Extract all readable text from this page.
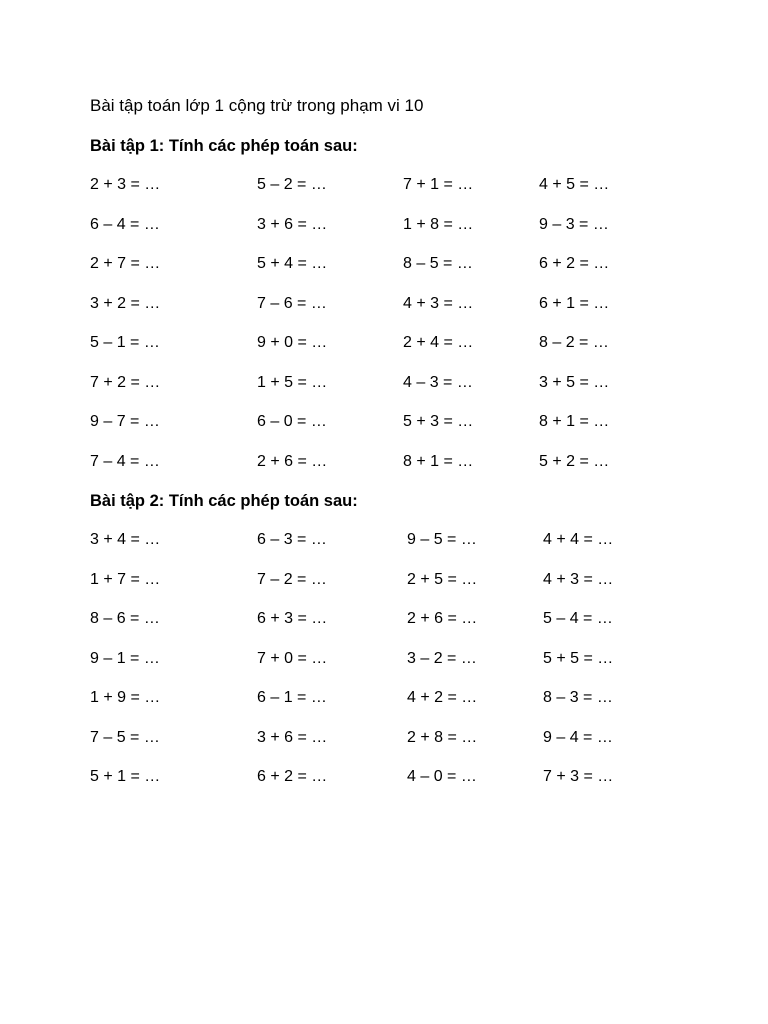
Bài tập toán lớp 1 cộng trừ trong phạm vi 10
Bài tập 1: Tính các phép toán sau:
2 + 3 = …	5 – 2 = …	7 + 1 = …	4 + 5 = …
6 – 4 = …	3 + 6 = …	1 + 8 = …	9 – 3 = …
2 + 7 = …	5 + 4 = …	8 – 5 = …	6 + 2 = …
3 + 2 = …	7 – 6 = …	4 + 3 = …	6 + 1 = …
5 – 1 = …	9 + 0 = …	2 + 4 = …	8 – 2 = …
7 + 2 = …	1 + 5 = …	4 – 3 = …	3 + 5 = …
9 – 7 = …	6 – 0 = …	5 + 3 = …	8 + 1 = …
7 – 4 = …	2 + 6 = …	8 + 1 = …	5 + 2 = …
Bài tập 2: Tính các phép toán sau:
3 + 4 = …	6 – 3 = …	9 – 5 = …	4 + 4 = …
1 + 7 = …	7 – 2 = …	2 + 5 = …	4 + 3 = …
8 – 6 = …	6 + 3 = …	2 + 6 = …	5 – 4 = …
9 – 1 = …	7 + 0 = …	3 – 2 = …	5 + 5 = …
1 + 9 = …	6 – 1 = …	4 + 2 = …	8 – 3 = …
7 – 5 = …	3 + 6 = …	2 + 8 = …	9 – 4 = …
5 + 1 = …	6 + 2 = …	4 – 0 = …	7 + 3 = …
